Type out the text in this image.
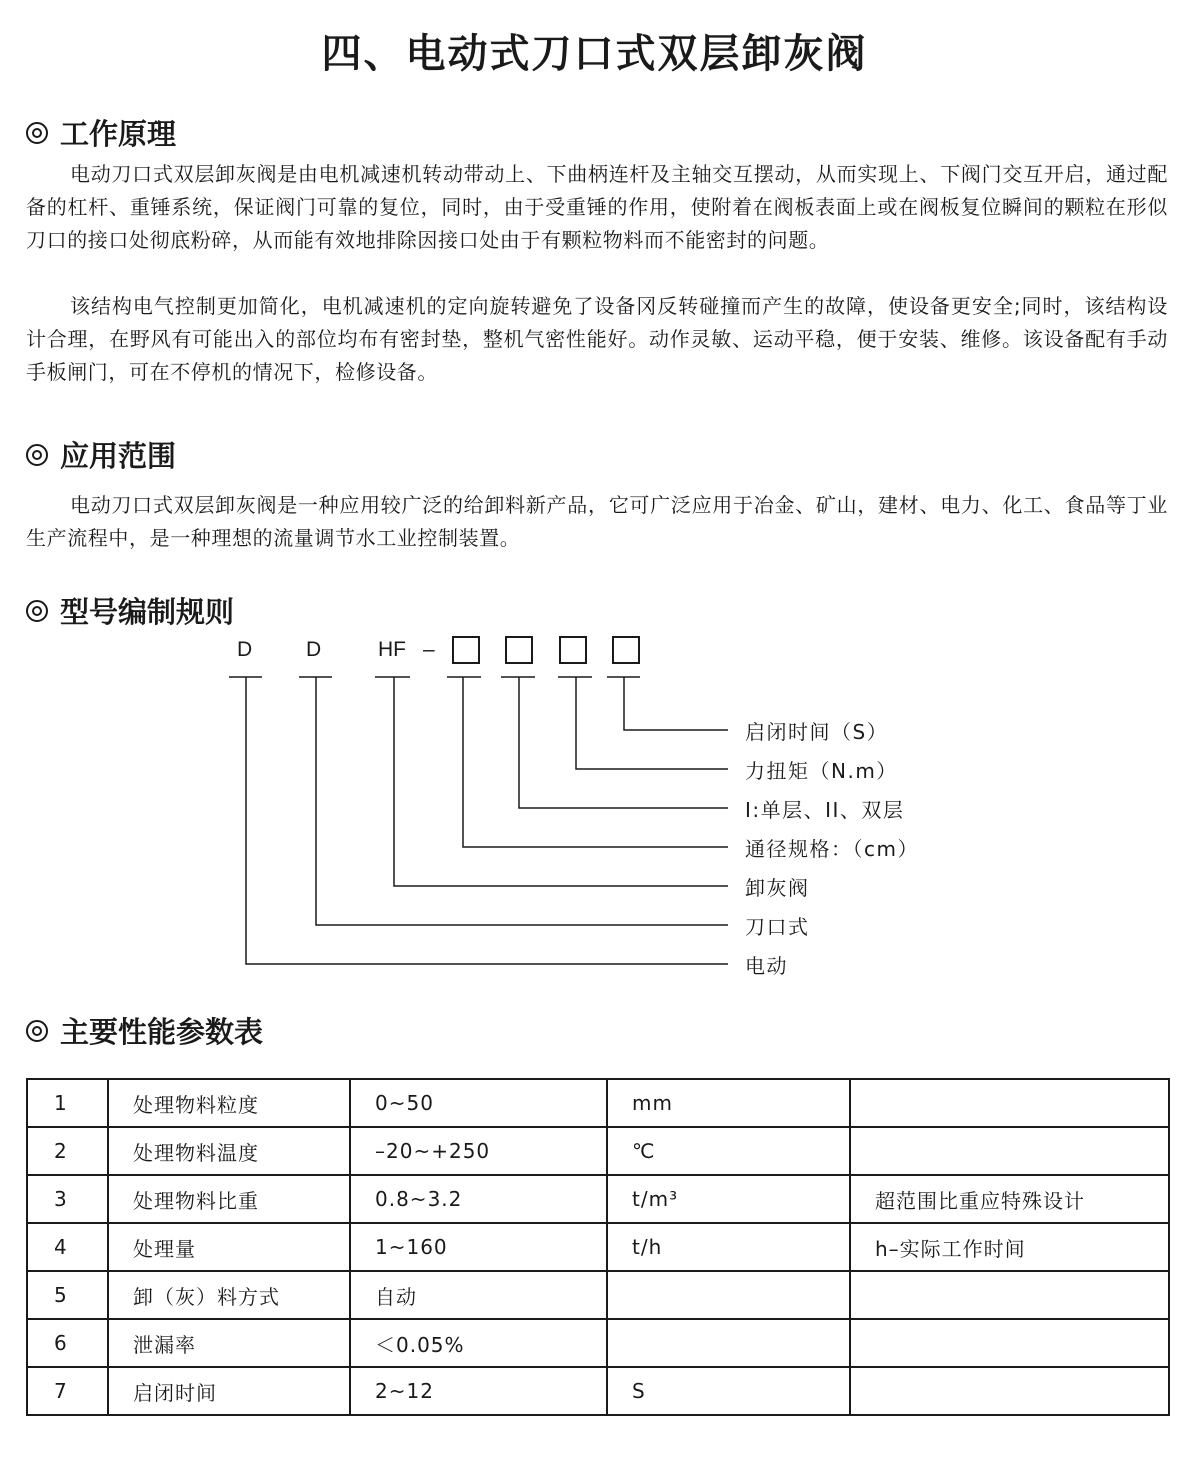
四、电动式刀口式双层卸灰阀
工作原理

电动刀口式双层卸灰阀是由电机减速机转动带动上、下曲柄连杆及主轴交互摆动，从而实现上、下阀门交互开启，通过配备的杠杆、重锤系统，保证阀门可靠的复位，同时，由于受重锤的作用，使附着在阀板表面上或在阀板复位瞬间的颗粒在形似刀口的接口处彻底粉碎，从而能有效地排除因接口处由于有颗粒物料而不能密封的问题。

该结构电气控制更加简化，电机减速机的定向旋转避免了设备冈反转碰撞而产生的故障，使设备更安全;同时，该结构设计合理，在野风有可能出入的部位均布有密封垫，整机气密性能好。动作灵敏、运动平稳，便于安装、维修。该设备配有手动手板闸门，可在不停机的情况下，检修设备。

应用范围

电动刀口式双层卸灰阀是一种应用较广泛的给卸料新产品，它可广泛应用于冶金、矿山，建材、电力、化工、食品等丁业生产流程中，是一种理想的流量调节水工业控制装置。

型号编制规则
D	D	HF –
启闭时间（S）
力扭矩（N.m）
I:单层、II、双层
通径规格：（cm）
卸灰阀
刀口式
电动
主要性能参数表
1	处理物料粒度	0~50	mm	
2	处理物料温度	–20~+250	℃	
3	处理物料比重	0.8~3.2	t/m³	超范围比重应特殊设计
4	处理量	1~160	t/h	h–实际工作时间
5	卸（灰）料方式	自动		
6	泄漏率	＜0.05%		
7	启闭时间	2~12	S	
